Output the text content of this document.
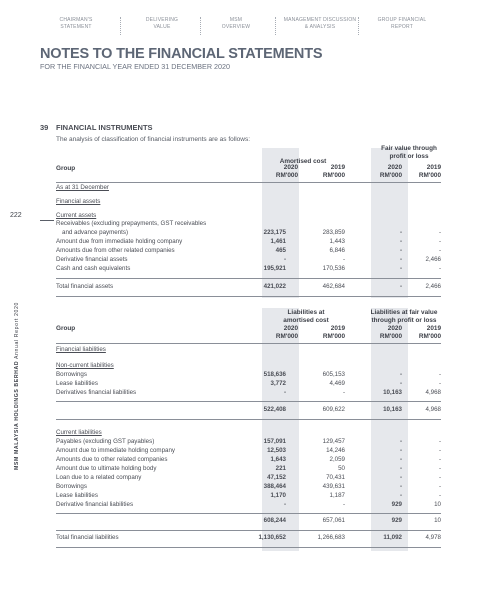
CHAIRMAN'S
STATEMENT
DELIVERING
VALUE
MSM
OVERVIEW
MANAGEMENT DISCUSSION
& ANALYSIS
GROUP FINANCIAL
REPORT
NOTES TO THE FINANCIAL STATEMENTS
FOR THE FINANCIAL YEAR ENDED 31 DECEMBER 2020
222
MSM MALAYSIA HOLDINGS BERHAD Annual Report 2020
39 FINANCIAL INSTRUMENTS
The analysis of classification of financial instruments are as follows:

Amortised cost
Fair value through
profit or loss
Group	2020	2019	2020	2019
RM'000	RM'000	RM'000	RM'000
As at 31 December
Financial assets
Current assets
Receivables (excluding prepayments, GST receivables
and advance payments)	223,175	283,859	-	-
Amount due from immediate holding company	1,461	1,443	-	-
Amounts due from other related companies	465	6,846	-	-
Derivative financial assets	-	-	-	2,466
Cash and cash equivalents	195,921	170,536	-	-
Total financial assets	421,022	462,684	-	2,466
Liabilities at
amortised cost
Liabilities at fair value
through profit or loss
Group	2020	2019	2020	2019
RM'000	RM'000	RM'000	RM'000
Financial liabilities
Non-current liabilities
Borrowings	518,636	605,153	-	-
Lease liabilities	3,772	4,469	-	-
Derivatives financial liabilities	-	-	10,163	4,968
522,408	609,622	10,163	4,968
Current liabilities
Payables (excluding GST payables)	157,091	129,457	-	-
Amount due to immediate holding company	12,503	14,246	-	-
Amounts due to other related companies	1,643	2,059	-	-
Amount due to ultimate holding body	221	50	-	-
Loan due to a related company	47,152	70,431	-	-
Borrowings	388,464	439,631	-	-
Lease liabilities	1,170	1,187	-	-
Derivative financial liabilities	-	-	929	10
608,244	657,061	929	10
Total financial liabilities	1,130,652	1,266,683	11,092	4,978
